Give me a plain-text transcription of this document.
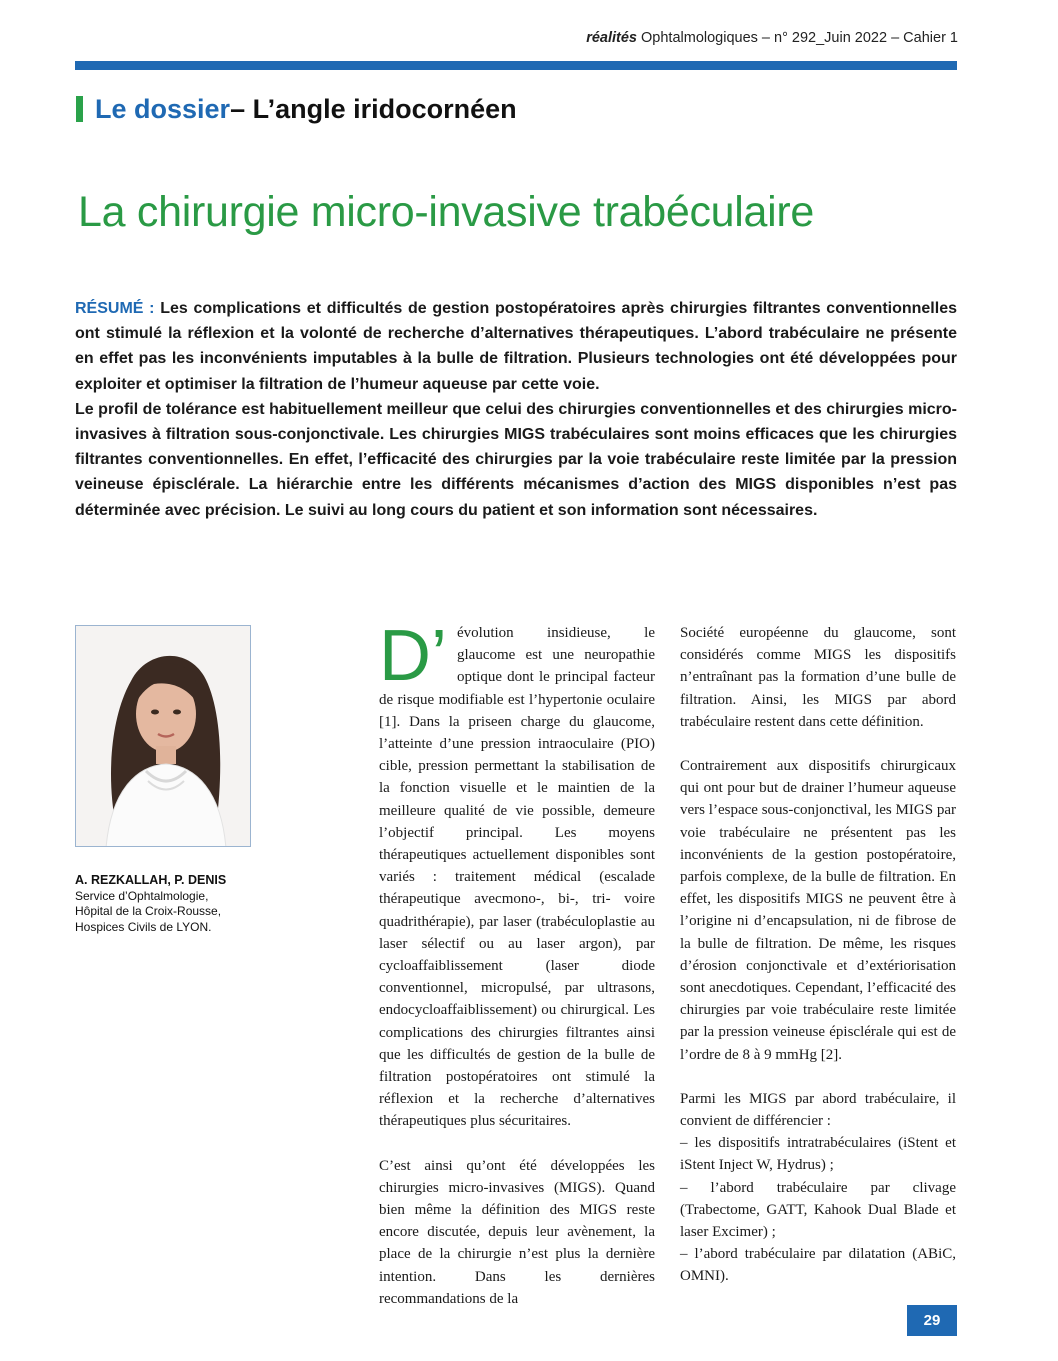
réalités Ophtalmologiques – n° 292_Juin 2022 – Cahier 1
Le dossier – L’angle iridocornéen
La chirurgie micro-invasive trabéculaire

RÉSUMÉ : Les complications et difficultés de gestion postopératoires après chirurgies filtrantes conventionnelles ont stimulé la réflexion et la volonté de recherche d’alternatives thérapeutiques. L’abord trabéculaire ne présente en effet pas les inconvénients imputables à la bulle de filtration. Plusieurs technologies ont été développées pour exploiter et optimiser la filtration de l’humeur aqueuse par cette voie.

Le profil de tolérance est habituellement meilleur que celui des chirurgies conventionnelles et des chirurgies micro-invasives à filtration sous-conjonctivale. Les chirurgies MIGS trabéculaires sont moins efficaces que les chirurgies filtrantes conventionnelles. En effet, l’efficacité des chirurgies par la voie trabéculaire reste limitée par la pression veineuse épisclérale. La hiérarchie entre les différents mécanismes d’action des MIGS disponibles n’est pas déterminée avec précision. Le suivi au long cours du patient et son information sont nécessaires.

A. REZKALLAH, P. DENIS
Service d’Ophtalmologie,
Hôpital de la Croix-Rousse,
Hospices Civils de LYON.

D’ évolution insidieuse, le glaucome est une neuropathie optique dont le principal facteur de risque modifiable est l’hypertonie oculaire [1]. Dans la priseen charge du glaucome, l’atteinte d’une pression intraoculaire (PIO) cible, pression permettant la stabilisation de la fonction visuelle et le maintien de la meilleure qualité de vie possible, demeure l’objectif principal. Les moyens thérapeutiques actuellement disponibles sont variés : traitement médical (escalade thérapeutique avecmono-, bi-, tri- voire quadrithérapie), par laser (trabéculoplastie au laser sélectif ou au laser argon), par cycloaffaiblissement (laser diode conventionnel, micropulsé, par ultrasons, endocycloaffaiblissement) ou chirurgical. Les complications des chirurgies filtrantes ainsi que les difficultés de gestion de la bulle de filtration postopératoires ont stimulé la réflexion et la recherche d’alternatives thérapeutiques plus sécuritaires.

C’est ainsi qu’ont été développées les chirurgies micro-invasives (MIGS). Quand bien même la définition des MIGS reste encore discutée, depuis leur avènement, la place de la chirurgie n’est plus la dernière intention. Dans les dernières recommandations de la

Société européenne du glaucome, sont considérés comme MIGS les dispositifs n’entraînant pas la formation d’une bulle de filtration. Ainsi, les MIGS par abord trabéculaire restent dans cette définition.

Contrairement aux dispositifs chirurgicaux qui ont pour but de drainer l’humeur aqueuse vers l’espace sous-conjonctival, les MIGS par voie trabéculaire ne présentent pas les inconvénients de la gestion postopératoire, parfois complexe, de la bulle de filtration. En effet, les dispositifs MIGS ne peuvent être à l’origine ni d’encapsulation, ni de fibrose de la bulle de filtration. De même, les risques d’érosion conjonctivale et d’extériorisation sont anecdotiques. Cependant, l’efficacité des chirurgies par voie trabéculaire reste limitée par la pression veineuse épisclérale qui est de l’ordre de 8 à 9 mmHg [2].

Parmi les MIGS par abord trabéculaire, il convient de différencier :
– les dispositifs intratrabéculaires (iStent et iStent Inject W, Hydrus) ;
– l’abord trabéculaire par clivage (Trabectome, GATT, Kahook Dual Blade et laser Excimer) ;
– l’abord trabéculaire par dilatation (ABiC, OMNI).

29
